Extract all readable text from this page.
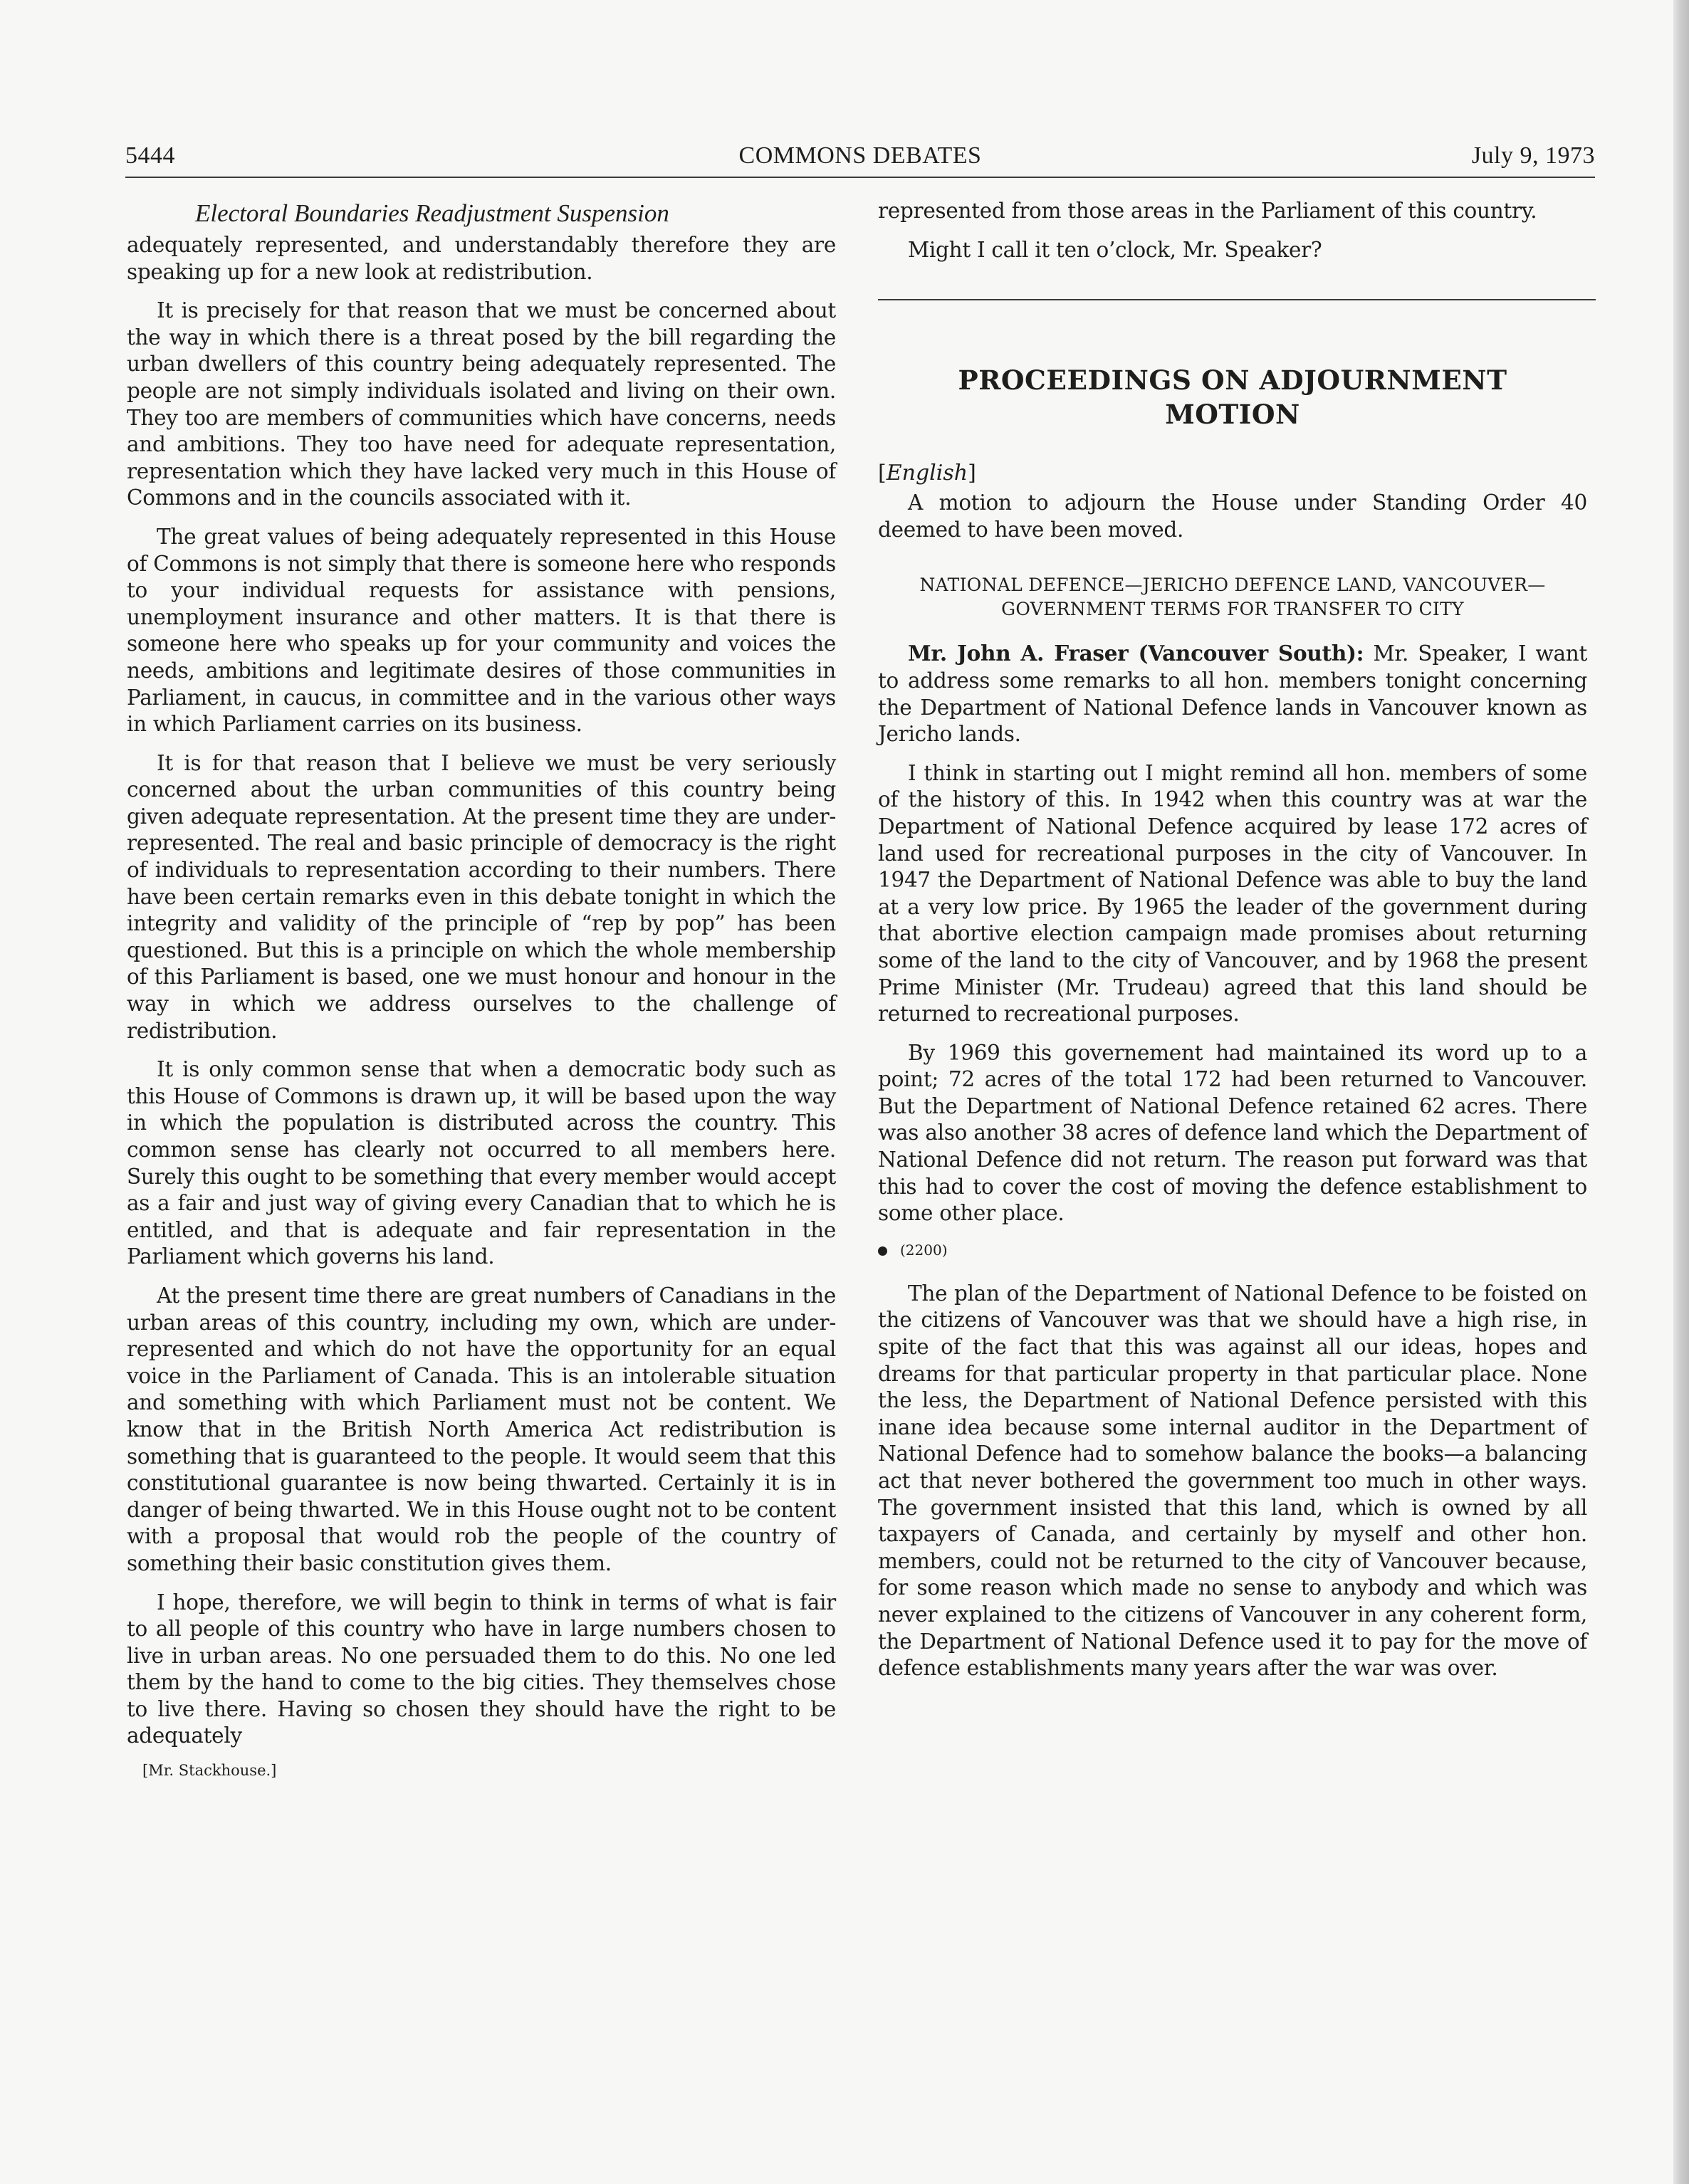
5444	COMMONS DEBATES	July 9, 1973
Electoral Boundaries Readjustment Suspension

adequately represented, and understandably therefore they are speaking up for a new look at redistribution.

It is precisely for that reason that we must be concerned about the way in which there is a threat posed by the bill regarding the urban dwellers of this country being adequately represented. The people are not simply individuals isolated and living on their own. They too are members of communities which have concerns, needs and ambitions. They too have need for adequate representation, representation which they have lacked very much in this House of Commons and in the councils associated with it.

The great values of being adequately represented in this House of Commons is not simply that there is someone here who responds to your individual requests for assistance with pensions, unemployment insurance and other matters. It is that there is someone here who speaks up for your community and voices the needs, ambitions and legitimate desires of those communities in Parliament, in caucus, in committee and in the various other ways in which Parliament carries on its business.

It is for that reason that I believe we must be very seriously concerned about the urban communities of this country being given adequate representation. At the present time they are under-represented. The real and basic principle of democracy is the right of individuals to representation according to their numbers. There have been certain remarks even in this debate tonight in which the integrity and validity of the principle of “rep by pop” has been questioned. But this is a principle on which the whole membership of this Parliament is based, one we must honour and honour in the way in which we address ourselves to the challenge of redistribution.

It is only common sense that when a democratic body such as this House of Commons is drawn up, it will be based upon the way in which the population is distributed across the country. This common sense has clearly not occurred to all members here. Surely this ought to be something that every member would accept as a fair and just way of giving every Canadian that to which he is entitled, and that is adequate and fair representation in the Parliament which governs his land.

At the present time there are great numbers of Canadians in the urban areas of this country, including my own, which are under-represented and which do not have the opportunity for an equal voice in the Parliament of Canada. This is an intolerable situation and something with which Parliament must not be content. We know that in the British North America Act redistribution is something that is guaranteed to the people. It would seem that this constitutional guarantee is now being thwarted. Certainly it is in danger of being thwarted. We in this House ought not to be content with a proposal that would rob the people of the country of something their basic constitution gives them.

I hope, therefore, we will begin to think in terms of what is fair to all people of this country who have in large numbers chosen to live in urban areas. No one persuaded them to do this. No one led them by the hand to come to the big cities. They themselves chose to live there. Having so chosen they should have the right to be adequately

[Mr. Stackhouse.]

represented from those areas in the Parliament of this country.

Might I call it ten o’clock, Mr. Speaker?

PROCEEDINGS ON ADJOURNMENT MOTION
[English]

A motion to adjourn the House under Standing Order 40 deemed to have been moved.

NATIONAL DEFENCE—JERICHO DEFENCE LAND, VANCOUVER—GOVERNMENT TERMS FOR TRANSFER TO CITY

Mr. John A. Fraser (Vancouver South): Mr. Speaker, I want to address some remarks to all hon. members tonight concerning the Department of National Defence lands in Vancouver known as Jericho lands.

I think in starting out I might remind all hon. members of some of the history of this. In 1942 when this country was at war the Department of National Defence acquired by lease 172 acres of land used for recreational purposes in the city of Vancouver. In 1947 the Department of National Defence was able to buy the land at a very low price. By 1965 the leader of the government during that abortive election campaign made promises about returning some of the land to the city of Vancouver, and by 1968 the present Prime Minister (Mr. Trudeau) agreed that this land should be returned to recreational purposes.

By 1969 this governement had maintained its word up to a point; 72 acres of the total 172 had been returned to Vancouver. But the Department of National Defence retained 62 acres. There was also another 38 acres of defence land which the Department of National Defence did not return. The reason put forward was that this had to cover the cost of moving the defence establishment to some other place.

(2200)

The plan of the Department of National Defence to be foisted on the citizens of Vancouver was that we should have a high rise, in spite of the fact that this was against all our ideas, hopes and dreams for that particular property in that particular place. None the less, the Department of National Defence persisted with this inane idea because some internal auditor in the Department of National Defence had to somehow balance the books—a balancing act that never bothered the government too much in other ways. The government insisted that this land, which is owned by all taxpayers of Canada, and certainly by myself and other hon. members, could not be returned to the city of Vancouver because, for some reason which made no sense to anybody and which was never explained to the citizens of Vancouver in any coherent form, the Department of National Defence used it to pay for the move of defence establishments many years after the war was over.
